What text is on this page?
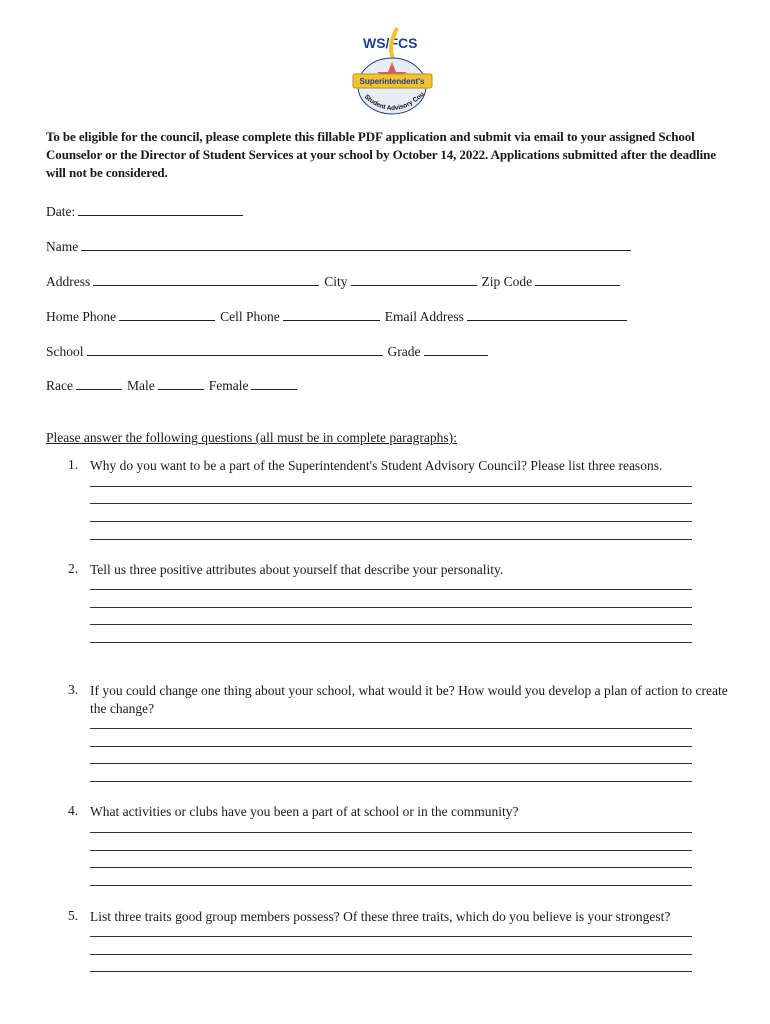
WS/FCS
Superintendent's
Student Advisory Cou
To be eligible for the council, please complete this fillable PDF application and submit via email to your assigned School Counselor or the Director of Student Services at your school by October 14, 2022. Applications submitted after the deadline will not be considered.
Date:
Name
Address	City	Zip Code
Home Phone	Cell Phone	Email Address
School	Grade
Race	Male	Female
Please answer the following questions (all must be in complete paragraphs):
1. Why do you want to be a part of the Superintendent's Student Advisory Council? Please list three reasons.
2. Tell us three positive attributes about yourself that describe your personality.
3. If you could change one thing about your school, what would it be? How would you develop a plan of action to create the change?
4. What activities or clubs have you been a part of at school or in the community?
5. List three traits good group members possess? Of these three traits, which do you believe is your strongest?
